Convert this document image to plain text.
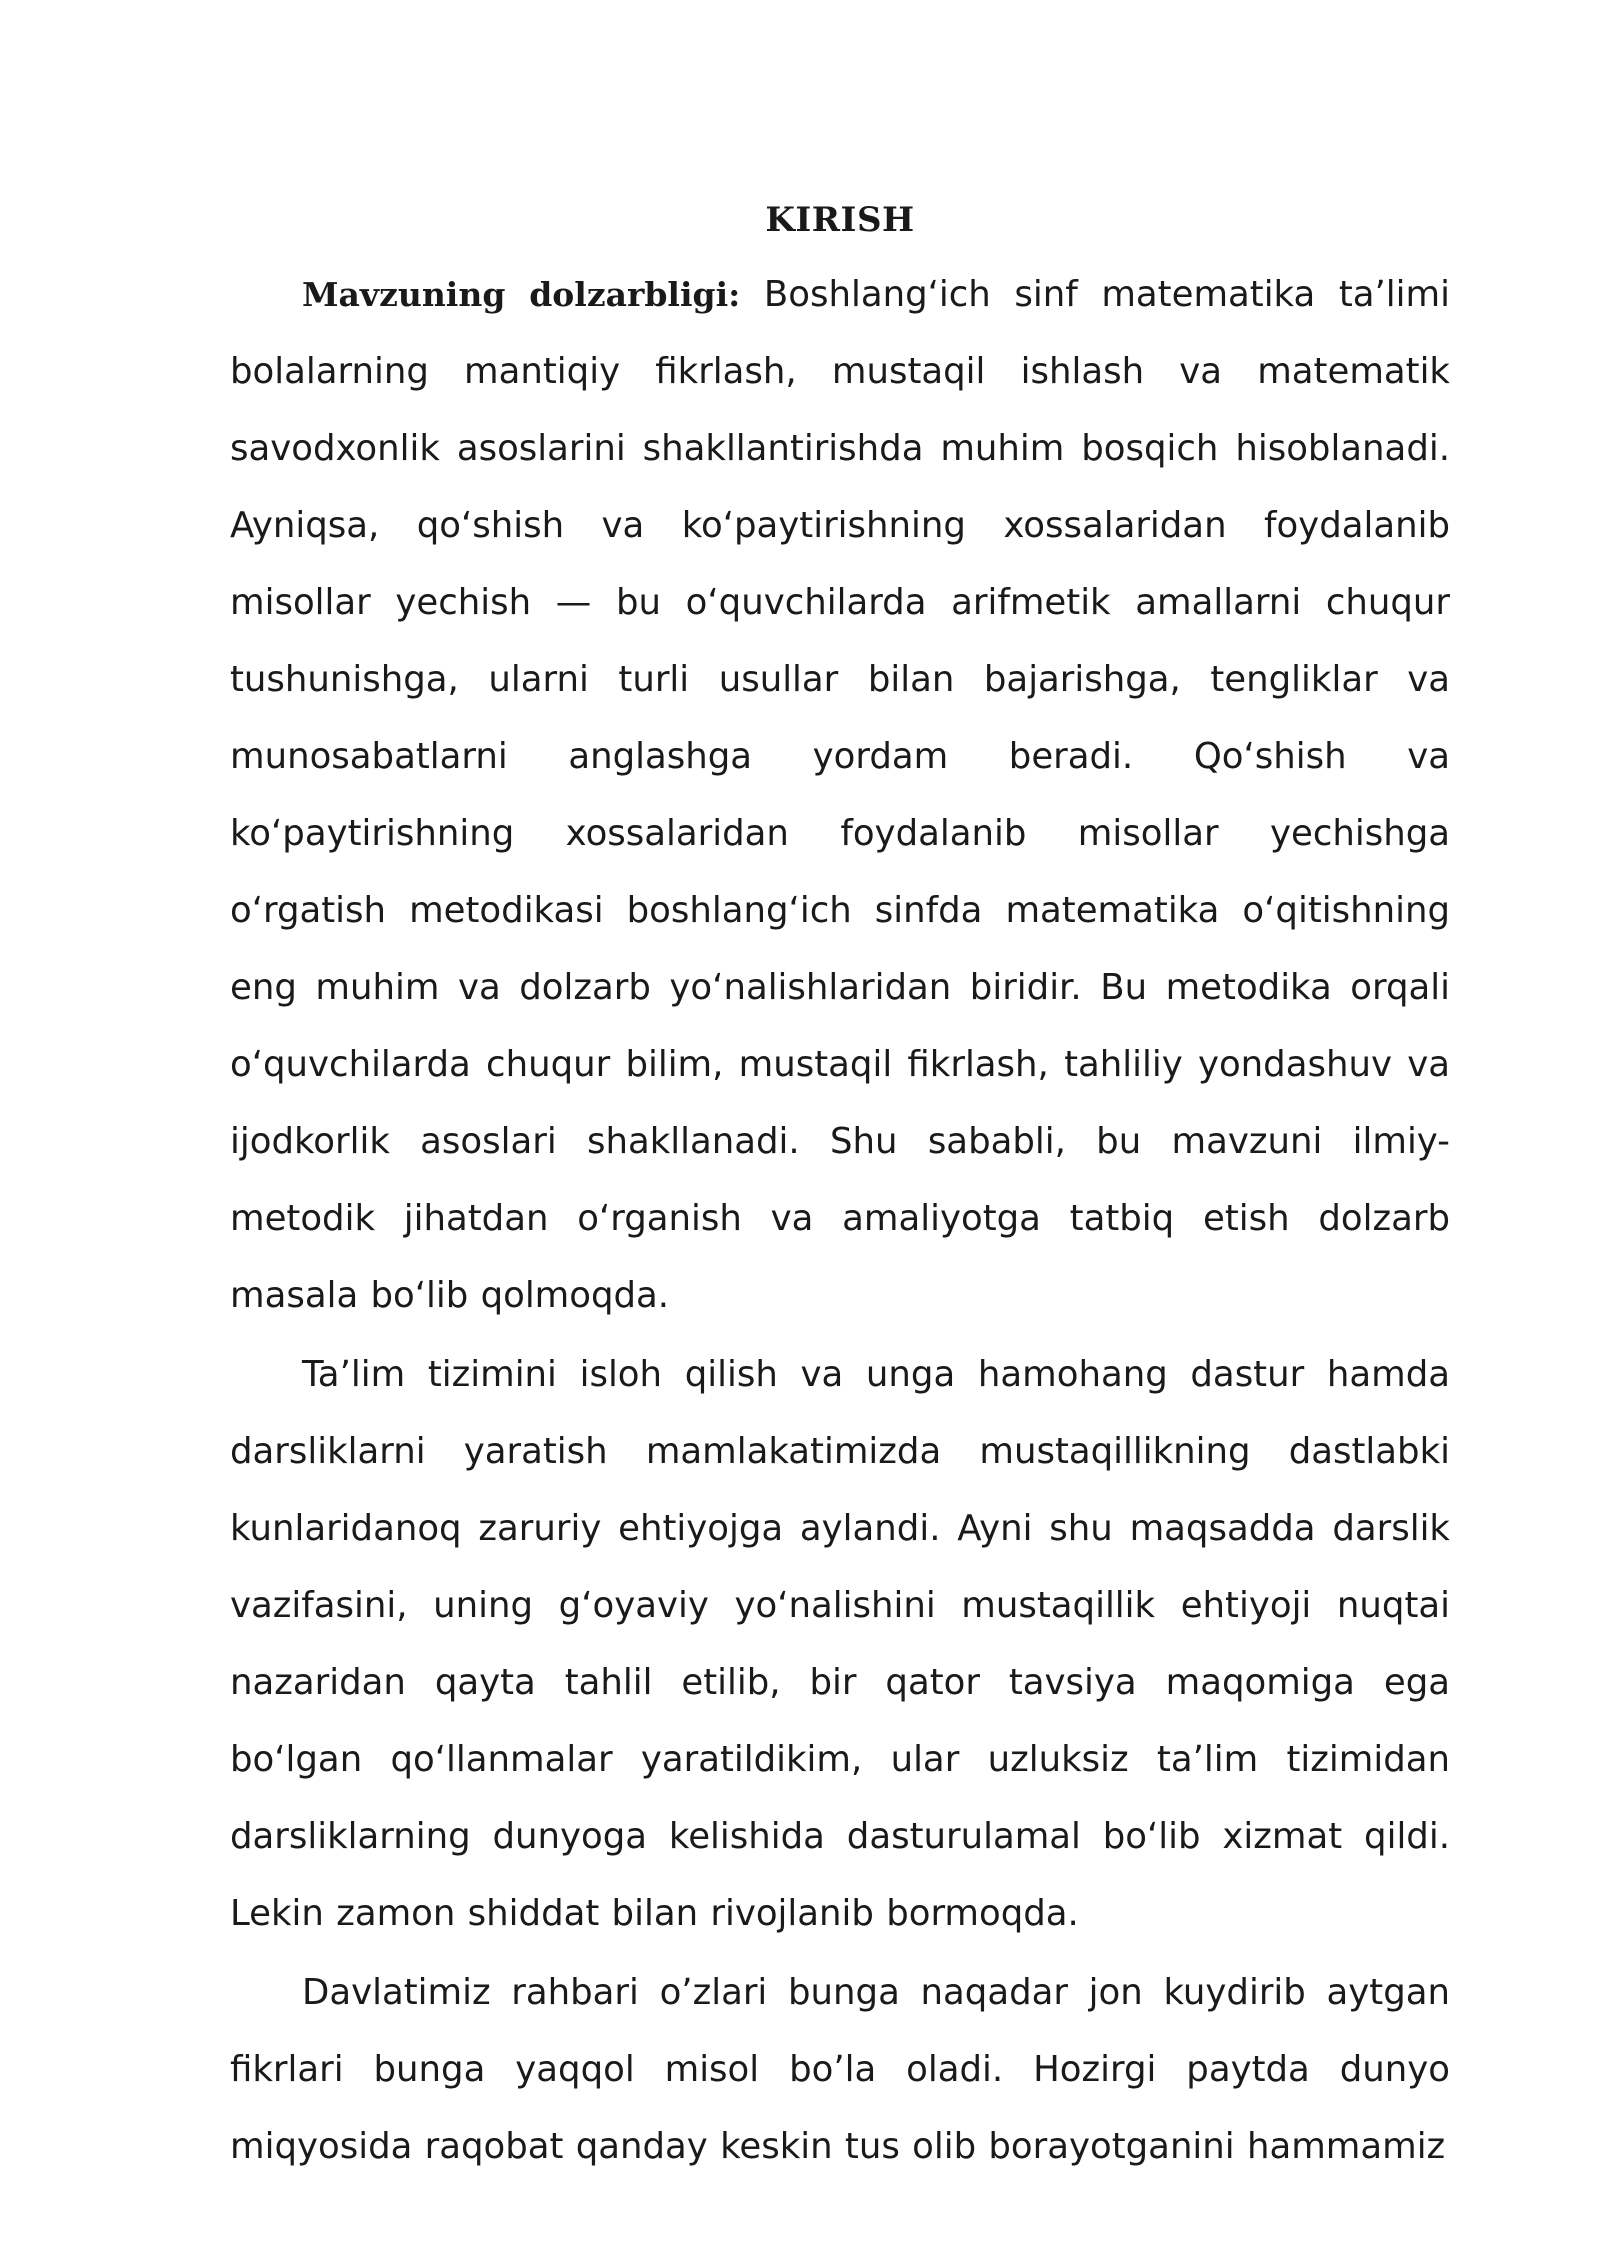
KIRISH

Mavzuning dolzarbligi: Boshlang‘ich sinf matematika ta’limi bolalarning mantiqiy fikrlash, mustaqil ishlash va matematik savodxonlik asoslarini shakllantirishda muhim bosqich hisoblanadi. Ayniqsa, qo‘shish va ko‘paytirishning xossalaridan foydalanib misollar yechish — bu o‘quvchilarda arifmetik amallarni chuqur tushunishga, ularni turli usullar bilan bajarishga, tengliklar va munosabatlarni anglashga yordam beradi. Qo‘shish va ko‘paytirishning xossalaridan foydalanib misollar yechishga o‘rgatish metodikasi boshlang‘ich sinfda matematika o‘qitishning eng muhim va dolzarb yo‘nalishlaridan biridir. Bu metodika orqali o‘quvchilarda chuqur bilim, mustaqil fikrlash, tahliliy yondashuv va ijodkorlik asoslari shakllanadi. Shu sababli, bu mavzuni ilmiy-metodik jihatdan o‘rganish va amaliyotga tatbiq etish dolzarb masala bo‘lib qolmoqda.

Ta’lim tizimini isloh qilish va unga hamohang dastur hamda darsliklarni yaratish mamlakatimizda mustaqillikning dastlabki kunlaridanoq zaruriy ehtiyojga aylandi. Ayni shu maqsadda darslik vazifasini, uning g‘oyaviy yo‘nalishini mustaqillik ehtiyoji nuqtai nazaridan qayta tahlil etilib, bir qator tavsiya maqomiga ega bo‘lgan qo‘llanmalar yaratildikim, ular uzluksiz ta’lim tizimidan darsliklarning dunyoga kelishida dasturulamal bo‘lib xizmat qildi. Lekin zamon shiddat bilan rivojlanib bormoqda.

Davlatimiz rahbari o’zlari bunga naqadar jon kuydirib aytgan fikrlari bunga yaqqol misol bo’la oladi. Hozirgi paytda dunyo miqyosida raqobat qanday keskin tus olib borayotganini hammamiz
